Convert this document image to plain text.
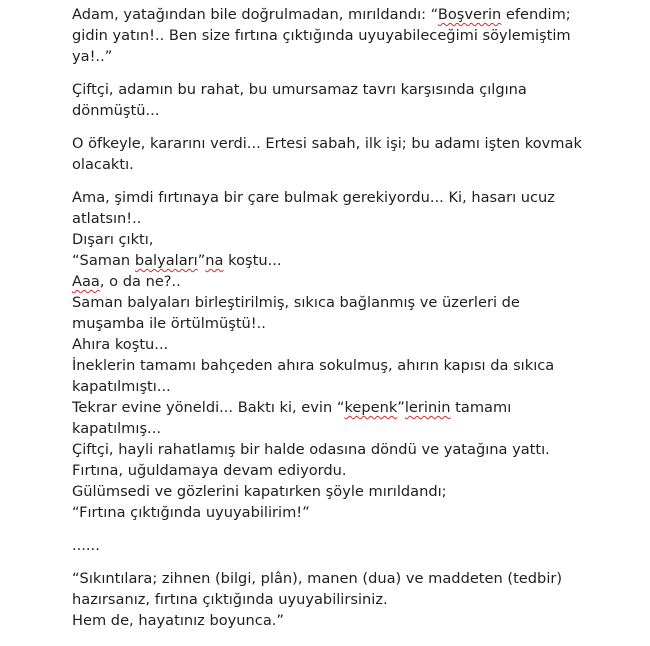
Adam, yatağından bile doğrulmadan, mırıldandı: “Boşverin efendim;
gidin yatın!.. Ben size fırtına çıktığında uyuyabileceğimi söylemiştim
ya!..”

Çiftçi, adamın bu rahat, bu umursamaz tavrı karşısında çılgına
dönmüştü...

O öfkeyle, kararını verdi... Ertesi sabah, ilk işi; bu adamı işten kovmak
olacaktı.

Ama, şimdi fırtınaya bir çare bulmak gerekiyordu... Ki, hasarı ucuz
atlatsın!..
Dışarı çıktı,
“Saman balyaları”na koştu...
Aaa, o da ne?..
Saman balyaları birleştirilmiş, sıkıca bağlanmış ve üzerleri de
muşamba ile örtülmüştü!..
Ahıra koştu...
İneklerin tamamı bahçeden ahıra sokulmuş, ahırın kapısı da sıkıca
kapatılmıştı...
Tekrar evine yöneldi... Baktı ki, evin “kepenk”lerinin tamamı
kapatılmış...
Çiftçi, hayli rahatlamış bir halde odasına döndü ve yatağına yattı.
Fırtına, uğuldamaya devam ediyordu.
Gülümsedi ve gözlerini kapatırken şöyle mırıldandı;
“Fırtına çıktığında uyuyabilirim!”

......

“Sıkıntılara; zihnen (bilgi, plân), manen (dua) ve maddeten (tedbir)
hazırsanız, fırtına çıktığında uyuyabilirsiniz.
Hem de, hayatınız boyunca.”
